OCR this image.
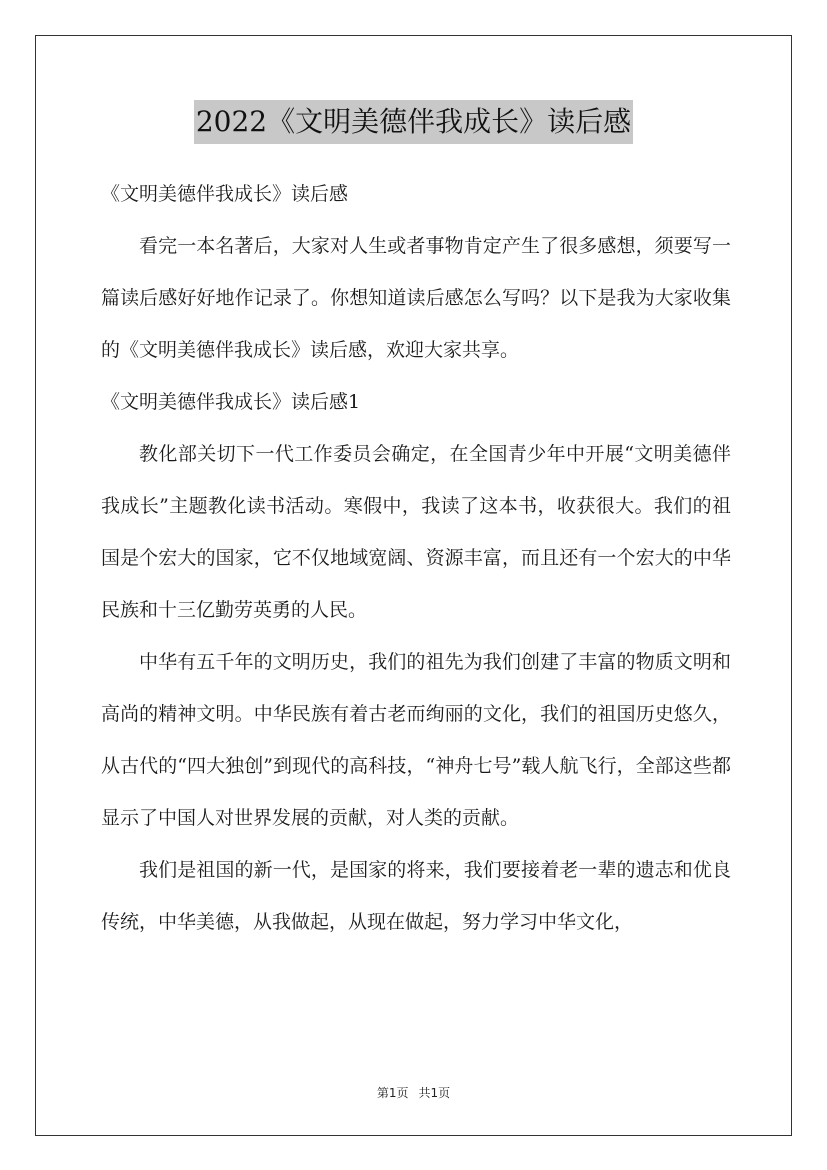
2022《文明美德伴我成长》读后感

《文明美德伴我成长》读后感

看完一本名著后，大家对人生或者事物肯定产生了很多感想，须要写一篇读后感好好地作记录了。你想知道读后感怎么写吗？以下是我为大家收集的《文明美德伴我成长》读后感，欢迎大家共享。

《文明美德伴我成长》读后感1

教化部关切下一代工作委员会确定，在全国青少年中开展“文明美德伴我成长”主题教化读书活动。寒假中，我读了这本书，收获很大。我们的祖国是个宏大的国家，它不仅地域宽阔、资源丰富，而且还有一个宏大的中华民族和十三亿勤劳英勇的人民。

中华有五千年的文明历史，我们的祖先为我们创建了丰富的物质文明和高尚的精神文明。中华民族有着古老而绚丽的文化，我们的祖国历史悠久，从古代的“四大独创”到现代的高科技，“神舟七号”载人航飞行，全部这些都显示了中国人对世界发展的贡献，对人类的贡献。

我们是祖国的新一代，是国家的将来，我们要接着老一辈的遗志和优良传统，中华美德，从我做起，从现在做起，努力学习中华文化，

第1页 共1页
